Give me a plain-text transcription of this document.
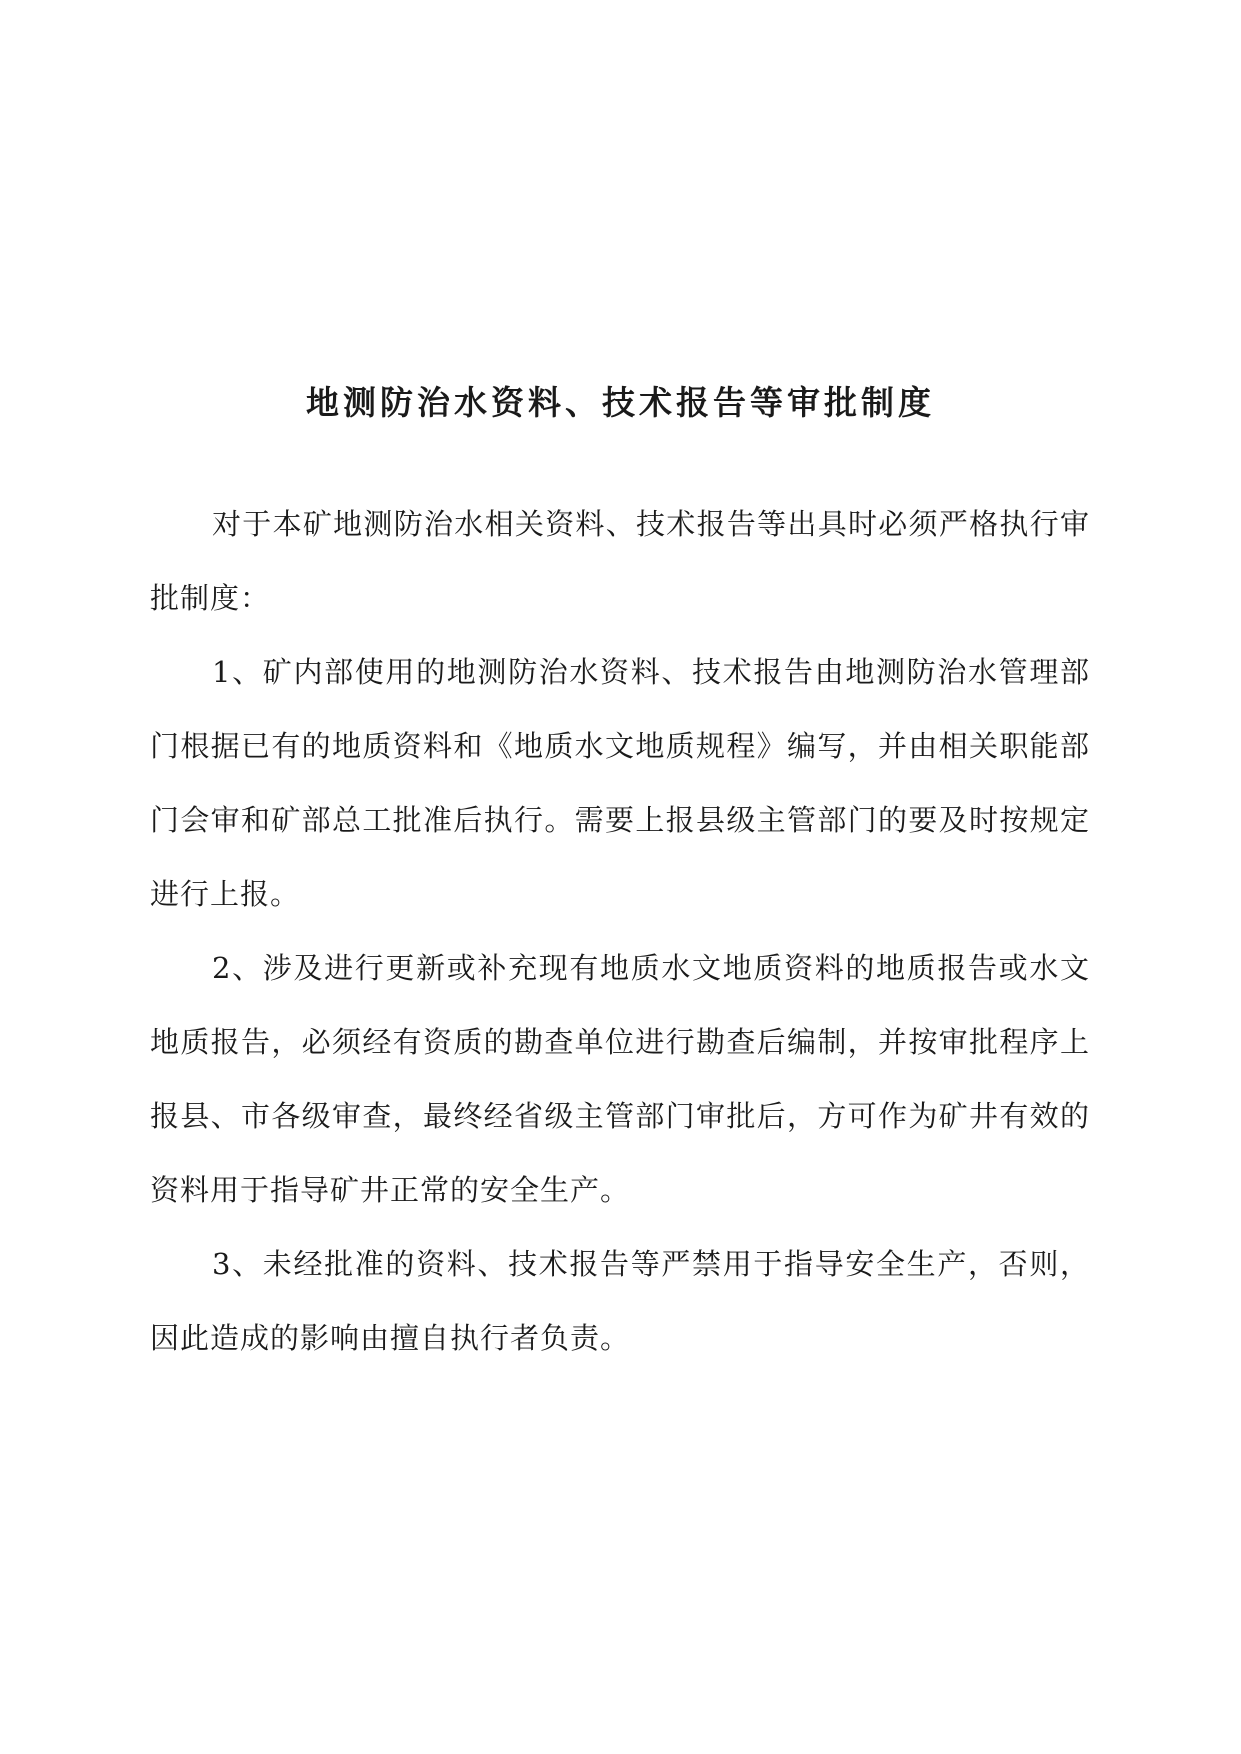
地测防治水资料、技术报告等审批制度

对于本矿地测防治水相关资料、技术报告等出具时必须严格执行审批制度：

1、矿内部使用的地测防治水资料、技术报告由地测防治水管理部门根据已有的地质资料和《地质水文地质规程》编写，并由相关职能部门会审和矿部总工批准后执行。需要上报县级主管部门的要及时按规定进行上报。

2、涉及进行更新或补充现有地质水文地质资料的地质报告或水文地质报告，必须经有资质的勘查单位进行勘查后编制，并按审批程序上报县、市各级审查，最终经省级主管部门审批后，方可作为矿井有效的资料用于指导矿井正常的安全生产。

3、未经批准的资料、技术报告等严禁用于指导安全生产，否则，因此造成的影响由擅自执行者负责。
